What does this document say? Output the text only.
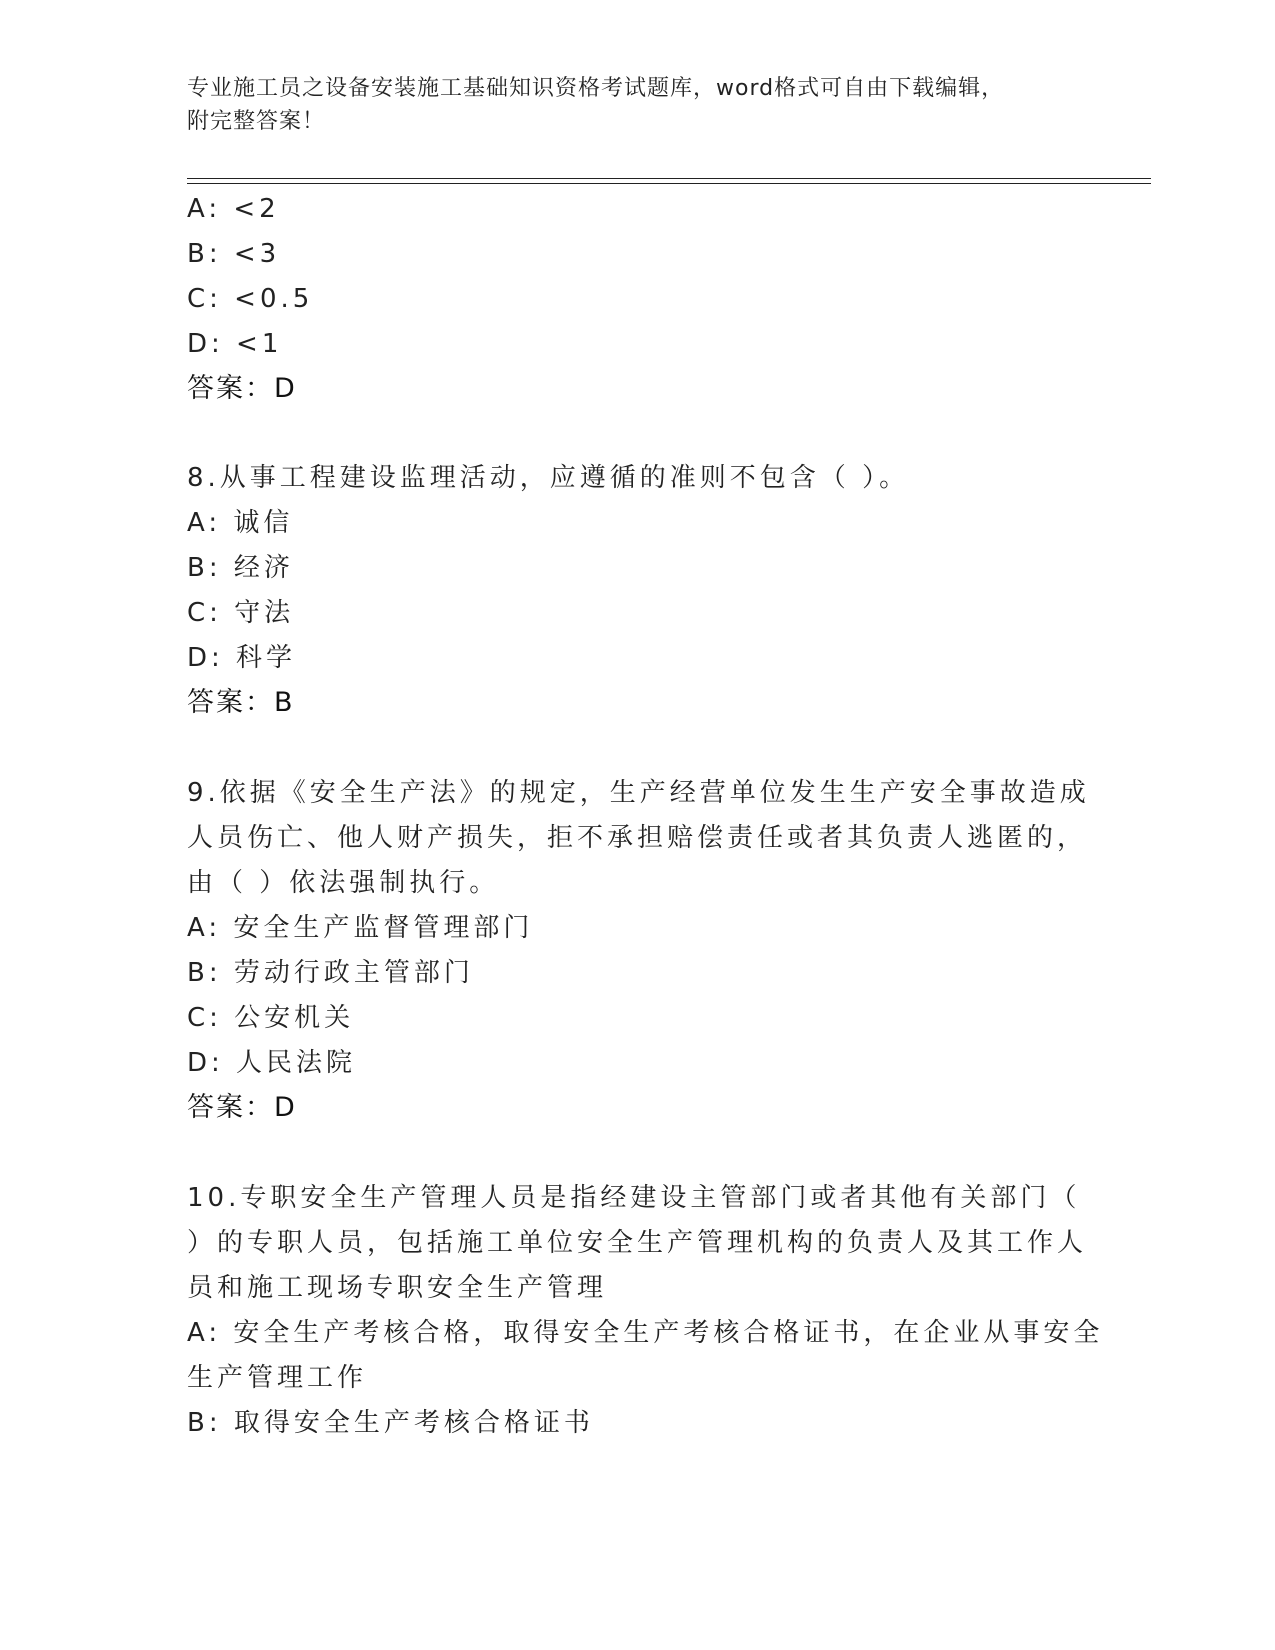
专业施工员之设备安装施工基础知识资格考试题库，word格式可自由下载编辑，
附完整答案！
A: <2
B: <3
C: <0.5
D: <1
答案：D
8.从事工程建设监理活动，应遵循的准则不包含（ ）。
A: 诚信
B: 经济
C: 守法
D: 科学
答案：B
9.依据《安全生产法》的规定，生产经营单位发生生产安全事故造成
人员伤亡、他人财产损失，拒不承担赔偿责任或者其负责人逃匿的，
由（ ）依法强制执行。
A: 安全生产监督管理部门
B: 劳动行政主管部门
C: 公安机关
D: 人民法院
答案：D
10.专职安全生产管理人员是指经建设主管部门或者其他有关部门（
）的专职人员，包括施工单位安全生产管理机构的负责人及其工作人
员和施工现场专职安全生产管理
A: 安全生产考核合格，取得安全生产考核合格证书，在企业从事安全
生产管理工作
B: 取得安全生产考核合格证书
